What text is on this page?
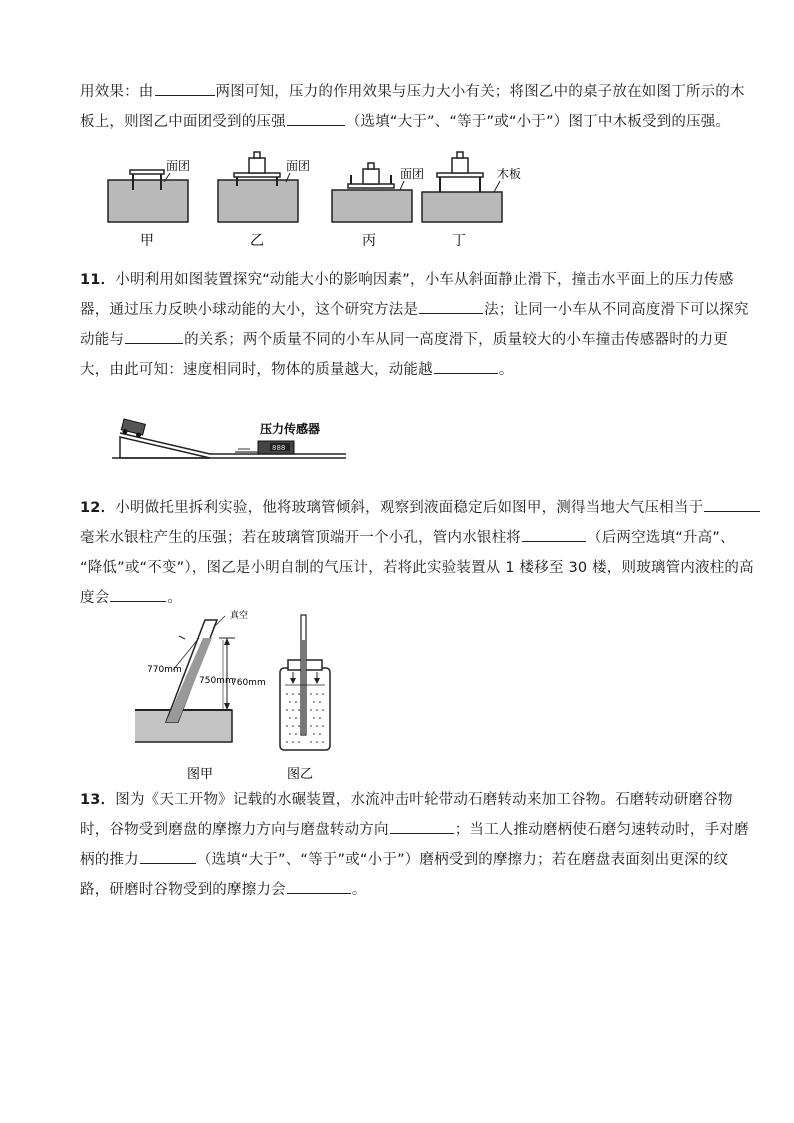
用效果：由	两图可知，压力的作用效果与压力大小有关；将图乙中的桌子放在如图丁所示的木

板上，则图乙中面团受到的压强	（选填“大于”、“等于”或“小于”）图丁中木板受到的压强。

面团
甲
面团
乙
面团
丙
木板
丁

11．小明利用如图装置探究“动能大小的影响因素”，小车从斜面静止滑下，撞击水平面上的压力传感

器，通过压力反映小球动能的大小，这个研究方法是	法；让同一小车从不同高度滑下可以探究

动能与	的关系；两个质量不同的小车从同一高度滑下，质量较大的小车撞击传感器时的力更

大，由此可知：速度相同时，物体的质量越大，动能越	。

压力传感器
888

12．小明做托里拆利实验，他将玻璃管倾斜，观察到液面稳定后如图甲，测得当地大气压相当于

毫米水银柱产生的压强；若在玻璃管顶端开一个小孔，管内水银柱将	（后两空选填“升高”、

“降低”或“不变”），图乙是小明自制的气压计，若将此实验装置从 1 楼移至 30 楼，则玻璃管内液柱的高

度会	。

770mm
750mm
真空
760mm
图甲	图乙

13．图为《天工开物》记载的水碾装置，水流冲击叶轮带动石磨转动来加工谷物。石磨转动研磨谷物

时，谷物受到磨盘的摩擦力方向与磨盘转动方向	；当工人推动磨柄使石磨匀速转动时，手对磨

柄的推力	（选填“大于”、“等于”或“小于”）磨柄受到的摩擦力；若在磨盘表面刻出更深的纹

路，研磨时谷物受到的摩擦力会	。
